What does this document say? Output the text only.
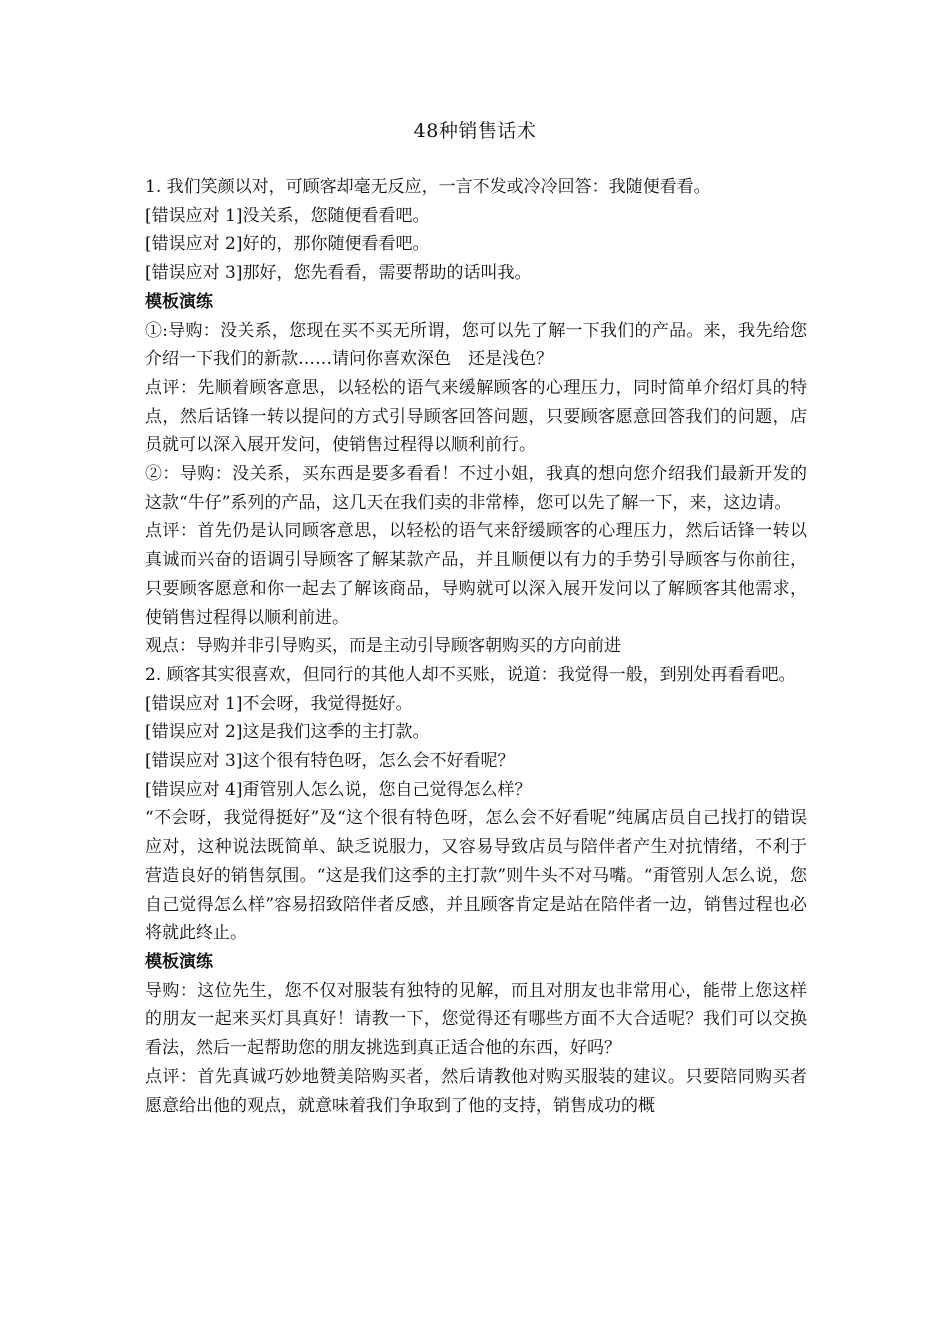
48种销售话术

1. 我们笑颜以对，可顾客却毫无反应，一言不发或冷冷回答：我随便看看。

[错误应对 1]没关系，您随便看看吧。

[错误应对 2]好的，那你随便看看吧。

[错误应对 3]那好，您先看看，需要帮助的话叫我。

模板演练

①:导购：没关系，您现在买不买无所谓，您可以先了解一下我们的产品。来，我先给您介绍一下我们的新款……请问你喜欢深色　还是浅色？

点评：先顺着顾客意思，以轻松的语气来缓解顾客的心理压力，同时简单介绍灯具的特点，然后话锋一转以提问的方式引导顾客回答问题，只要顾客愿意回答我们的问题，店员就可以深入展开发问，使销售过程得以顺利前行。

②：导购：没关系，买东西是要多看看！不过小姐，我真的想向您介绍我们最新开发的这款“牛仔”系列的产品，这几天在我们卖的非常棒，您可以先了解一下，来，这边请。

点评：首先仍是认同顾客意思，以轻松的语气来舒缓顾客的心理压力，然后话锋一转以真诚而兴奋的语调引导顾客了解某款产品，并且顺便以有力的手势引导顾客与你前往，只要顾客愿意和你一起去了解该商品，导购就可以深入展开发问以了解顾客其他需求，使销售过程得以顺利前进。

观点：导购并非引导购买，而是主动引导顾客朝购买的方向前进

2. 顾客其实很喜欢，但同行的其他人却不买账，说道：我觉得一般，到别处再看看吧。

[错误应对 1]不会呀，我觉得挺好。

[错误应对 2]这是我们这季的主打款。

[错误应对 3]这个很有特色呀，怎么会不好看呢？

[错误应对 4]甭管别人怎么说，您自己觉得怎么样？

“不会呀，我觉得挺好”及“这个很有特色呀，怎么会不好看呢”纯属店员自己找打的错误应对，这种说法既简单、缺乏说服力，又容易导致店员与陪伴者产生对抗情绪，不利于营造良好的销售氛围。“这是我们这季的主打款”则牛头不对马嘴。“甭管别人怎么说，您自己觉得怎么样”容易招致陪伴者反感，并且顾客肯定是站在陪伴者一边，销售过程也必将就此终止。

模板演练

导购：这位先生，您不仅对服装有独特的见解，而且对朋友也非常用心，能带上您这样的朋友一起来买灯具真好！请教一下，您觉得还有哪些方面不大合适呢？我们可以交换看法，然后一起帮助您的朋友挑选到真正适合他的东西，好吗？

点评：首先真诚巧妙地赞美陪购买者，然后请教他对购买服装的建议。只要陪同购买者愿意给出他的观点，就意味着我们争取到了他的支持，销售成功的概
